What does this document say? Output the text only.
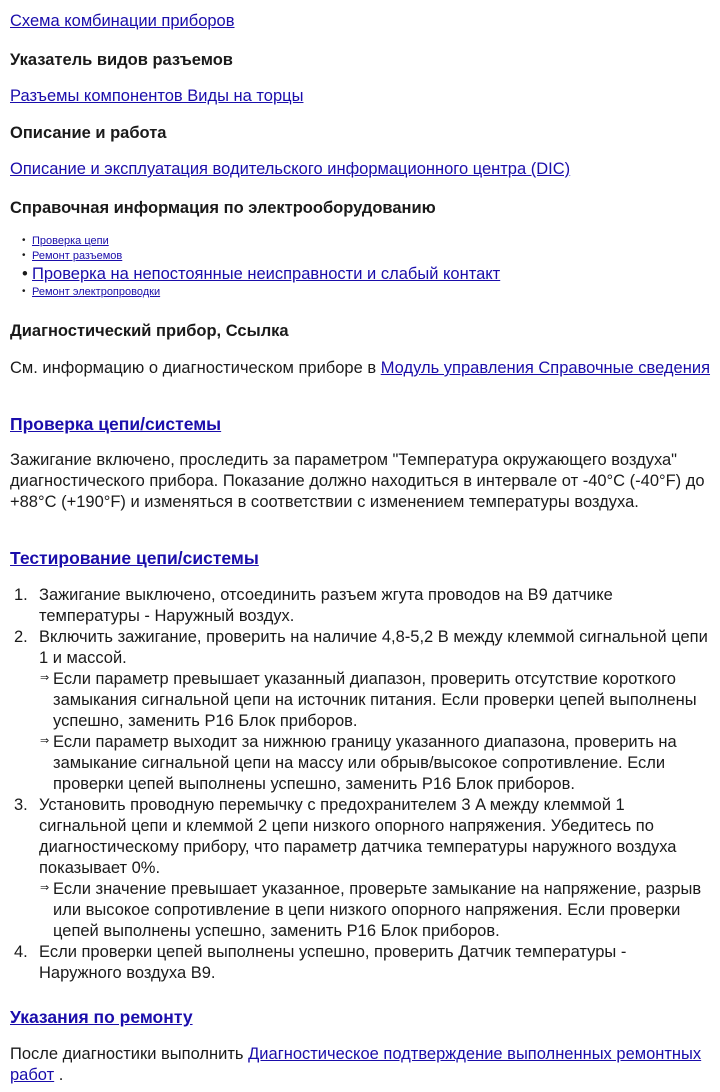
Схема комбинации приборов
Указатель видов разъемов
Разъемы компонентов Виды на торцы
Описание и работа
Описание и эксплуатация водительского информационного центра (DIC)
Справочная информация по электрооборудованию
• Проверка цепи
• Ремонт разъемов
• Проверка на непостоянные неисправности и слабый контакт
• Ремонт электропроводки
Диагностический прибор, Ссылка

См. информацию о диагностическом приборе в Модуль управления Справочные сведения

Проверка цепи/системы

Зажигание включено, проследить за параметром "Температура окружающего воздуха" диагностического прибора. Показание должно находиться в интервале от -40°C (-40°F) до +88°C (+190°F) и изменяться в соответствии с изменением температуры воздуха.

Тестирование цепи/системы
1. Зажигание выключено, отсоединить разъем жгута проводов на B9 датчике температуры - Наружный воздух.
2. Включить зажигание, проверить на наличие 4,8-5,2 В между клеммой сигнальной цепи 1 и массой.
⇒ Если параметр превышает указанный диапазон, проверить отсутствие короткого замыкания сигнальной цепи на источник питания. Если проверки цепей выполнены успешно, заменить P16 Блок приборов.
⇒ Если параметр выходит за нижнюю границу указанного диапазона, проверить на замыкание сигнальной цепи на массу или обрыв/высокое сопротивление. Если проверки цепей выполнены успешно, заменить P16 Блок приборов.
3. Установить проводную перемычку с предохранителем 3 A между клеммой 1 сигнальной цепи и клеммой 2 цепи низкого опорного напряжения. Убедитесь по диагностическому прибору, что параметр датчика температуры наружного воздуха показывает 0%.
⇒ Если значение превышает указанное, проверьте замыкание на напряжение, разрыв или высокое сопротивление в цепи низкого опорного напряжения. Если проверки цепей выполнены успешно, заменить P16 Блок приборов.
4. Если проверки цепей выполнены успешно, проверить Датчик температуры - Наружного воздуха B9.
Указания по ремонту

После диагностики выполнить Диагностическое подтверждение выполненных ремонтных работ .
